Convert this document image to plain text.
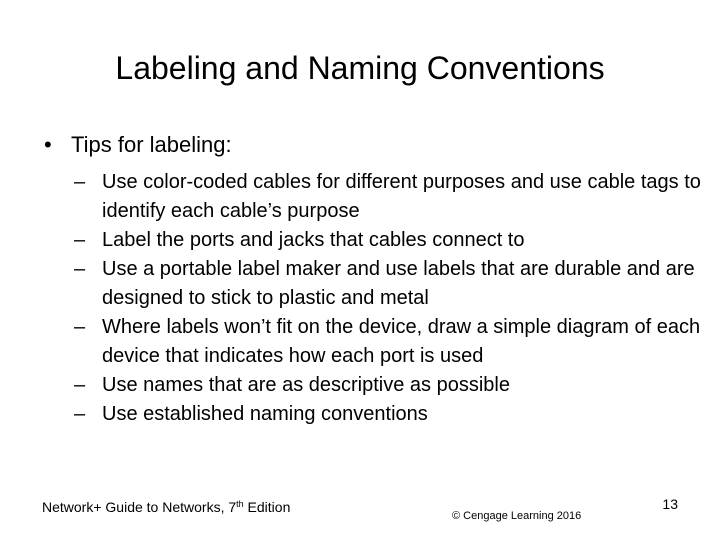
Labeling and Naming Conventions
• Tips for labeling:
– Use color-coded cables for different purposes and use cable tags to identify each cable’s purpose
– Label the ports and jacks that cables connect to
– Use a portable label maker and use labels that are durable and are designed to stick to plastic and metal
– Where labels won’t fit on the device, draw a simple diagram of each device that indicates how each port is used
– Use names that are as descriptive as possible
– Use established naming conventions
Network+ Guide to Networks, 7th Edition
© Cengage Learning 2016
13
